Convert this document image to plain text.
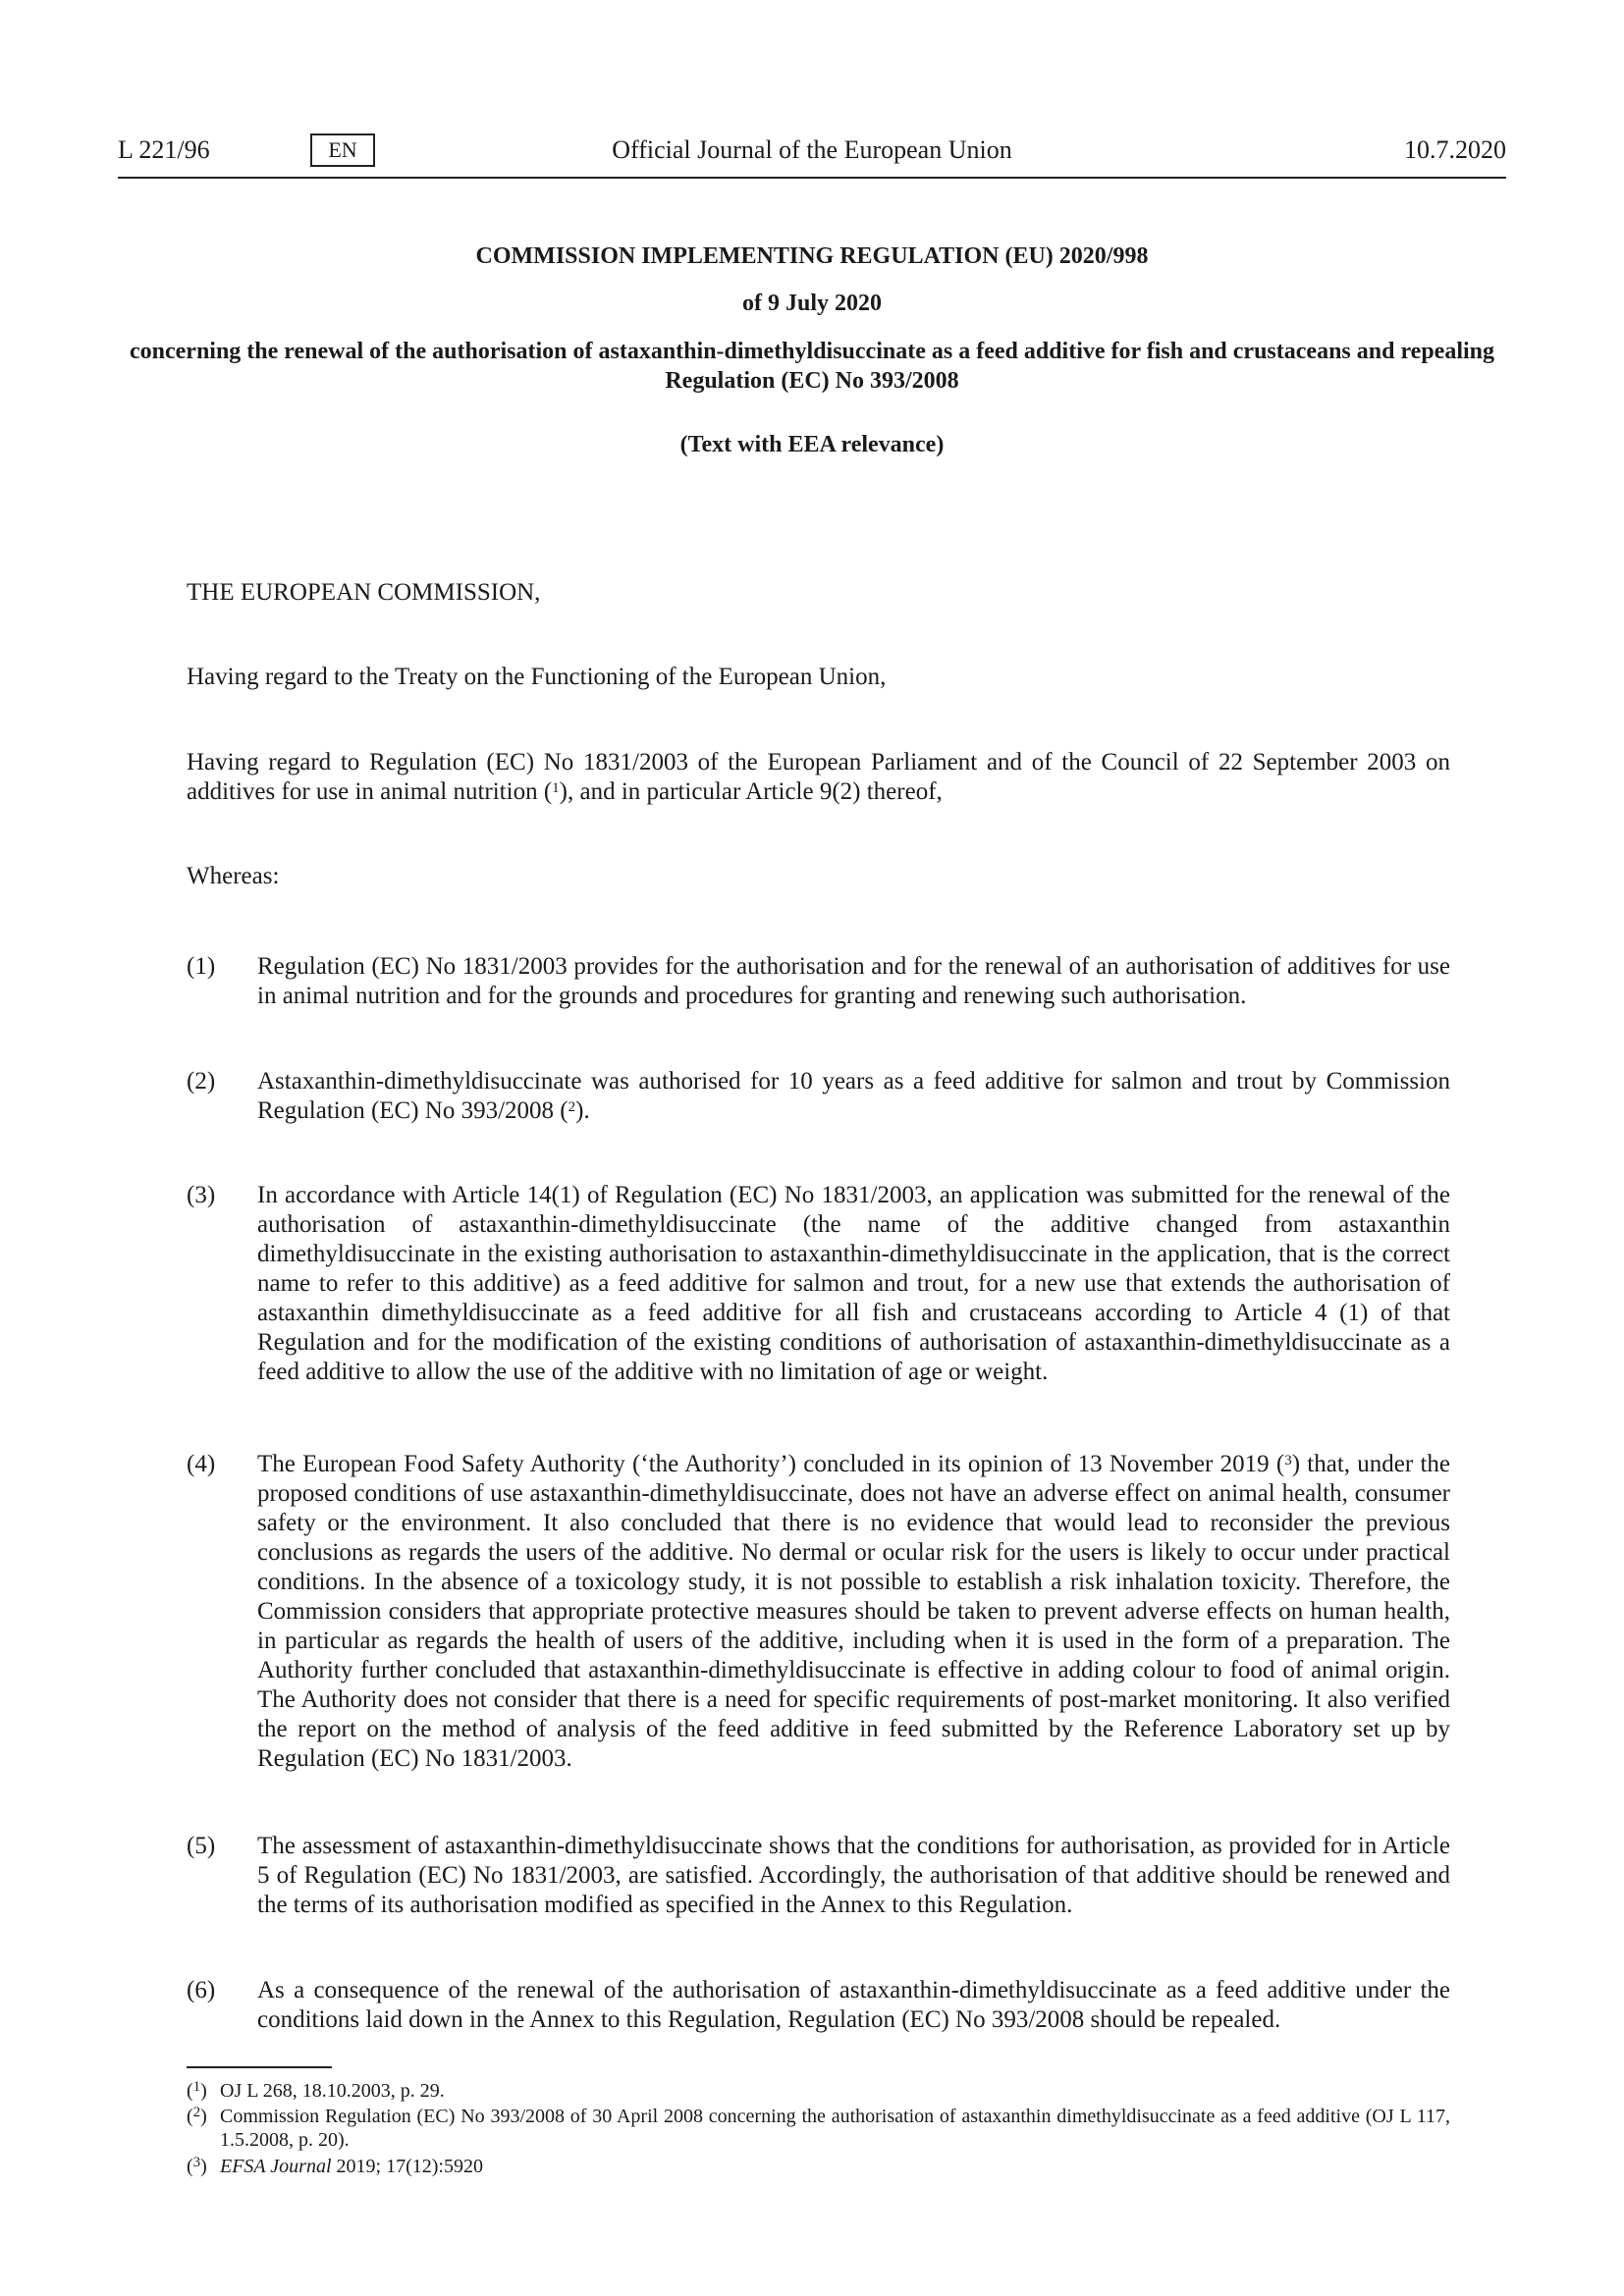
L 221/96	EN	Official Journal of the European Union	10.7.2020
COMMISSION IMPLEMENTING REGULATION (EU) 2020/998
of 9 July 2020
concerning the renewal of the authorisation of astaxanthin-dimethyldisuccinate as a feed additive for fish and crustaceans and repealing Regulation (EC) No 393/2008
(Text with EEA relevance)
THE EUROPEAN COMMISSION,
Having regard to the Treaty on the Functioning of the European Union,
Having regard to Regulation (EC) No 1831/2003 of the European Parliament and of the Council of 22 September 2003 on additives for use in animal nutrition ($^1$), and in particular Article 9(2) thereof,
Whereas:
(1) Regulation (EC) No 1831/2003 provides for the authorisation and for the renewal of an authorisation of additives for use in animal nutrition and for the grounds and procedures for granting and renewing such authorisation.
(2) Astaxanthin-dimethyldisuccinate was authorised for 10 years as a feed additive for salmon and trout by Commission Regulation (EC) No 393/2008 ($^2$).
(3) In accordance with Article 14(1) of Regulation (EC) No 1831/2003, an application was submitted for the renewal of the authorisation of astaxanthin-dimethyldisuccinate (the name of the additive changed from astaxanthin dimethyldisuccinate in the existing authorisation to astaxanthin-dimethyldisuccinate in the application, that is the correct name to refer to this additive) as a feed additive for salmon and trout, for a new use that extends the authorisation of astaxanthin dimethyldisuccinate as a feed additive for all fish and crustaceans according to Article 4 (1) of that Regulation and for the modification of the existing conditions of authorisation of astaxanthin-dimethyldisuccinate as a feed additive to allow the use of the additive with no limitation of age or weight.
(4) The European Food Safety Authority (‘the Authority’) concluded in its opinion of 13 November 2019 ($^3$) that, under the proposed conditions of use astaxanthin-dimethyldisuccinate, does not have an adverse effect on animal health, consumer safety or the environment. It also concluded that there is no evidence that would lead to reconsider the previous conclusions as regards the users of the additive. No dermal or ocular risk for the users is likely to occur under practical conditions. In the absence of a toxicology study, it is not possible to establish a risk inhalation toxicity. Therefore, the Commission considers that appropriate protective measures should be taken to prevent adverse effects on human health, in particular as regards the health of users of the additive, including when it is used in the form of a preparation. The Authority further concluded that astaxanthin-dimethyldisuccinate is effective in adding colour to food of animal origin. The Authority does not consider that there is a need for specific requirements of post-market monitoring. It also verified the report on the method of analysis of the feed additive in feed submitted by the Reference Laboratory set up by Regulation (EC) No 1831/2003.
(5) The assessment of astaxanthin-dimethyldisuccinate shows that the conditions for authorisation, as provided for in Article 5 of Regulation (EC) No 1831/2003, are satisfied. Accordingly, the authorisation of that additive should be renewed and the terms of its authorisation modified as specified in the Annex to this Regulation.
(6) As a consequence of the renewal of the authorisation of astaxanthin-dimethyldisuccinate as a feed additive under the conditions laid down in the Annex to this Regulation, Regulation (EC) No 393/2008 should be repealed.
($^1$) OJ L 268, 18.10.2003, p. 29.
($^2$) Commission Regulation (EC) No 393/2008 of 30 April 2008 concerning the authorisation of astaxanthin dimethyldisuccinate as a feed additive (OJ L 117, 1.5.2008, p. 20).
($^3$) EFSA Journal 2019; 17(12):5920
